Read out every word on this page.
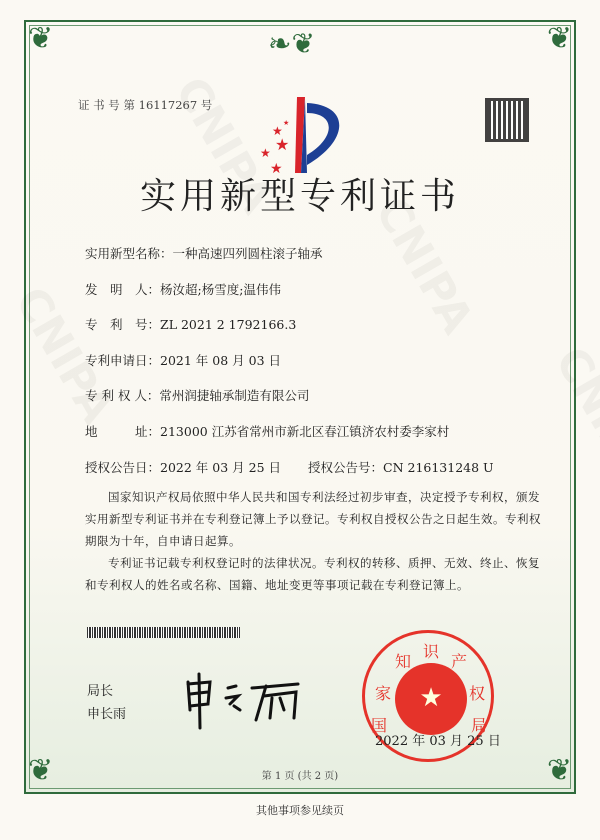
❦	❦
❦	❦
❧❦
证 书 号 第 16117267 号
★
★
★
★
★
实用新型专利证书
实用新型名称：一种高速四列圆柱滚子轴承
发　明　人：杨汝超;杨雪度;温伟伟
专　利　号：ZL 2021 2 1792166.3
专利申请日：2021 年 08 月 03 日
专 利 权 人：常州润捷轴承制造有限公司
地　　　址：213000 江苏省常州市新北区春江镇济农村委李家村
授权公告日：2022 年 03 月 25 日 授权公告号：CN 216131248 U
国家知识产权局依照中华人民共和国专利法经过初步审查，决定授予专利权，颁发实用新型专利证书并在专利登记簿上予以登记。专利权自授权公告之日起生效。专利权期限为十年，自申请日起算。
专利证书记载专利权登记时的法律状况。专利权的转移、质押、无效、终止、恢复和专利权人的姓名或名称、国籍、地址变更等事项记载在专利登记簿上。
局长
申长雨
★
国
家
知
识
产
权
局
2022 年 03 月 25 日
第 1 页 (共 2 页)
其他事项参见续页
